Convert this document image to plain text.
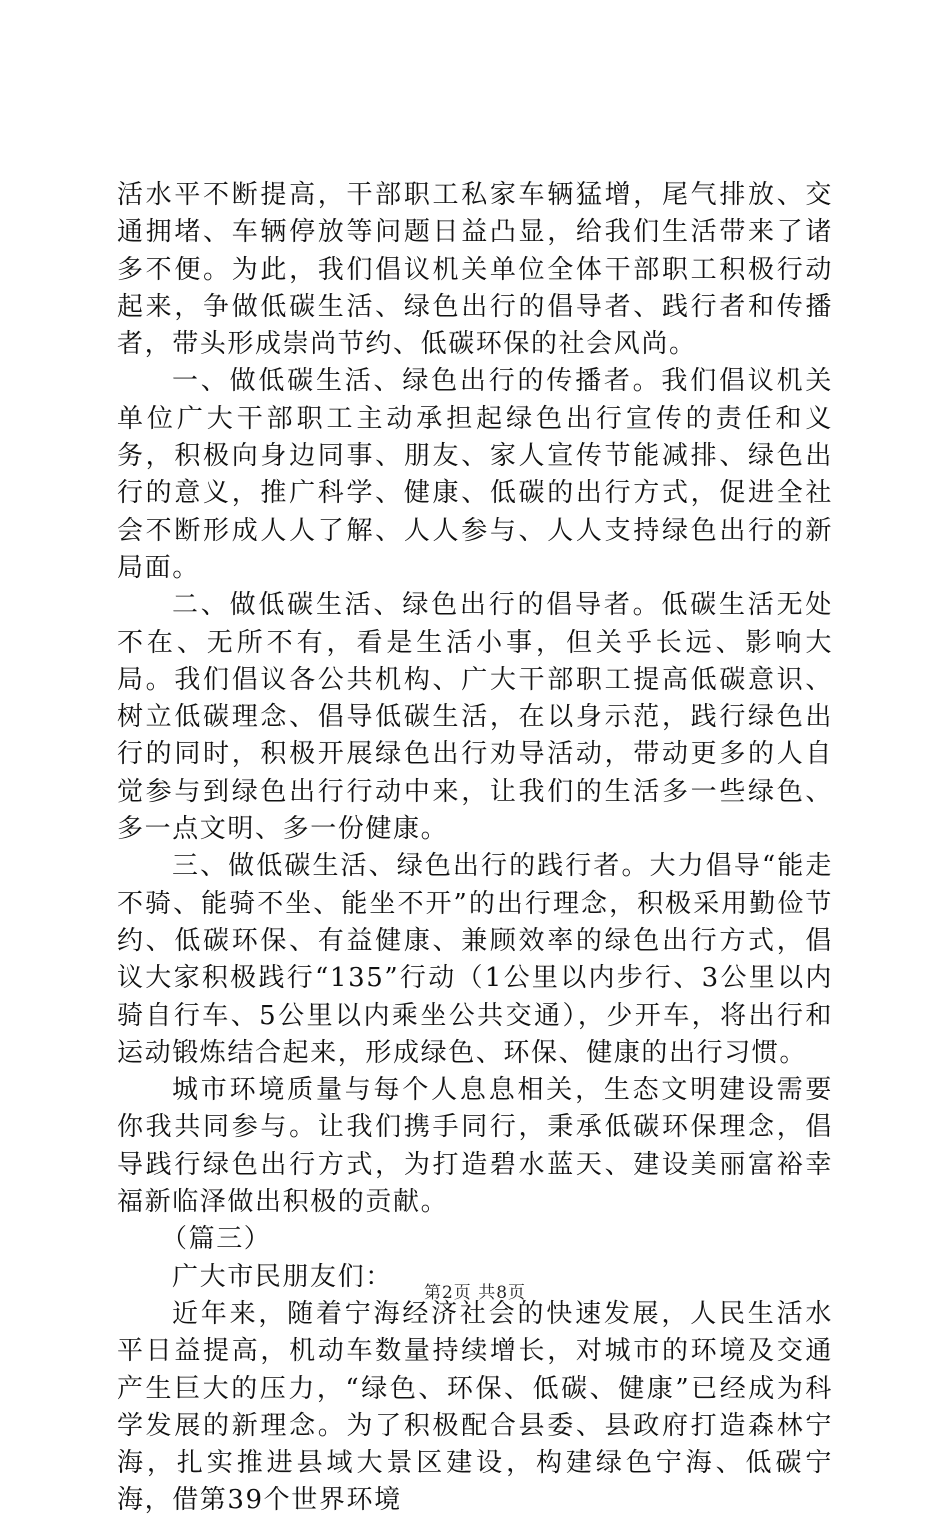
活水平不断提高，干部职工私家车辆猛增，尾气排放、交通拥堵、车辆停放等问题日益凸显，给我们生活带来了诸多不便。为此，我们倡议机关单位全体干部职工积极行动起来，争做低碳生活、绿色出行的倡导者、践行者和传播者，带头形成崇尚节约、低碳环保的社会风尚。

一、做低碳生活、绿色出行的传播者。我们倡议机关单位广大干部职工主动承担起绿色出行宣传的责任和义务，积极向身边同事、朋友、家人宣传节能减排、绿色出行的意义，推广科学、健康、低碳的出行方式，促进全社会不断形成人人了解、人人参与、人人支持绿色出行的新局面。

二、做低碳生活、绿色出行的倡导者。低碳生活无处不在、无所不有，看是生活小事，但关乎长远、影响大局。我们倡议各公共机构、广大干部职工提高低碳意识、树立低碳理念、倡导低碳生活，在以身示范，践行绿色出行的同时，积极开展绿色出行劝导活动，带动更多的人自觉参与到绿色出行行动中来，让我们的生活多一些绿色、多一点文明、多一份健康。

三、做低碳生活、绿色出行的践行者。大力倡导“能走不骑、能骑不坐、能坐不开”的出行理念，积极采用勤俭节约、低碳环保、有益健康、兼顾效率的绿色出行方式，倡议大家积极践行“135”行动（1公里以内步行、3公里以内骑自行车、5公里以内乘坐公共交通），少开车，将出行和运动锻炼结合起来，形成绿色、环保、健康的出行习惯。

城市环境质量与每个人息息相关，生态文明建设需要你我共同参与。让我们携手同行，秉承低碳环保理念，倡导践行绿色出行方式，为打造碧水蓝天、建设美丽富裕幸福新临泽做出积极的贡献。

（篇三）

广大市民朋友们：

近年来，随着宁海经济社会的快速发展，人民生活水平日益提高，机动车数量持续增长，对城市的环境及交通产生巨大的压力，“绿色、环保、低碳、健康”已经成为科学发展的新理念。为了积极配合县委、县政府打造森林宁海，扎实推进县域大景区建设，构建绿色宁海、低碳宁海，借第39个世界环境

第2页 共8页
